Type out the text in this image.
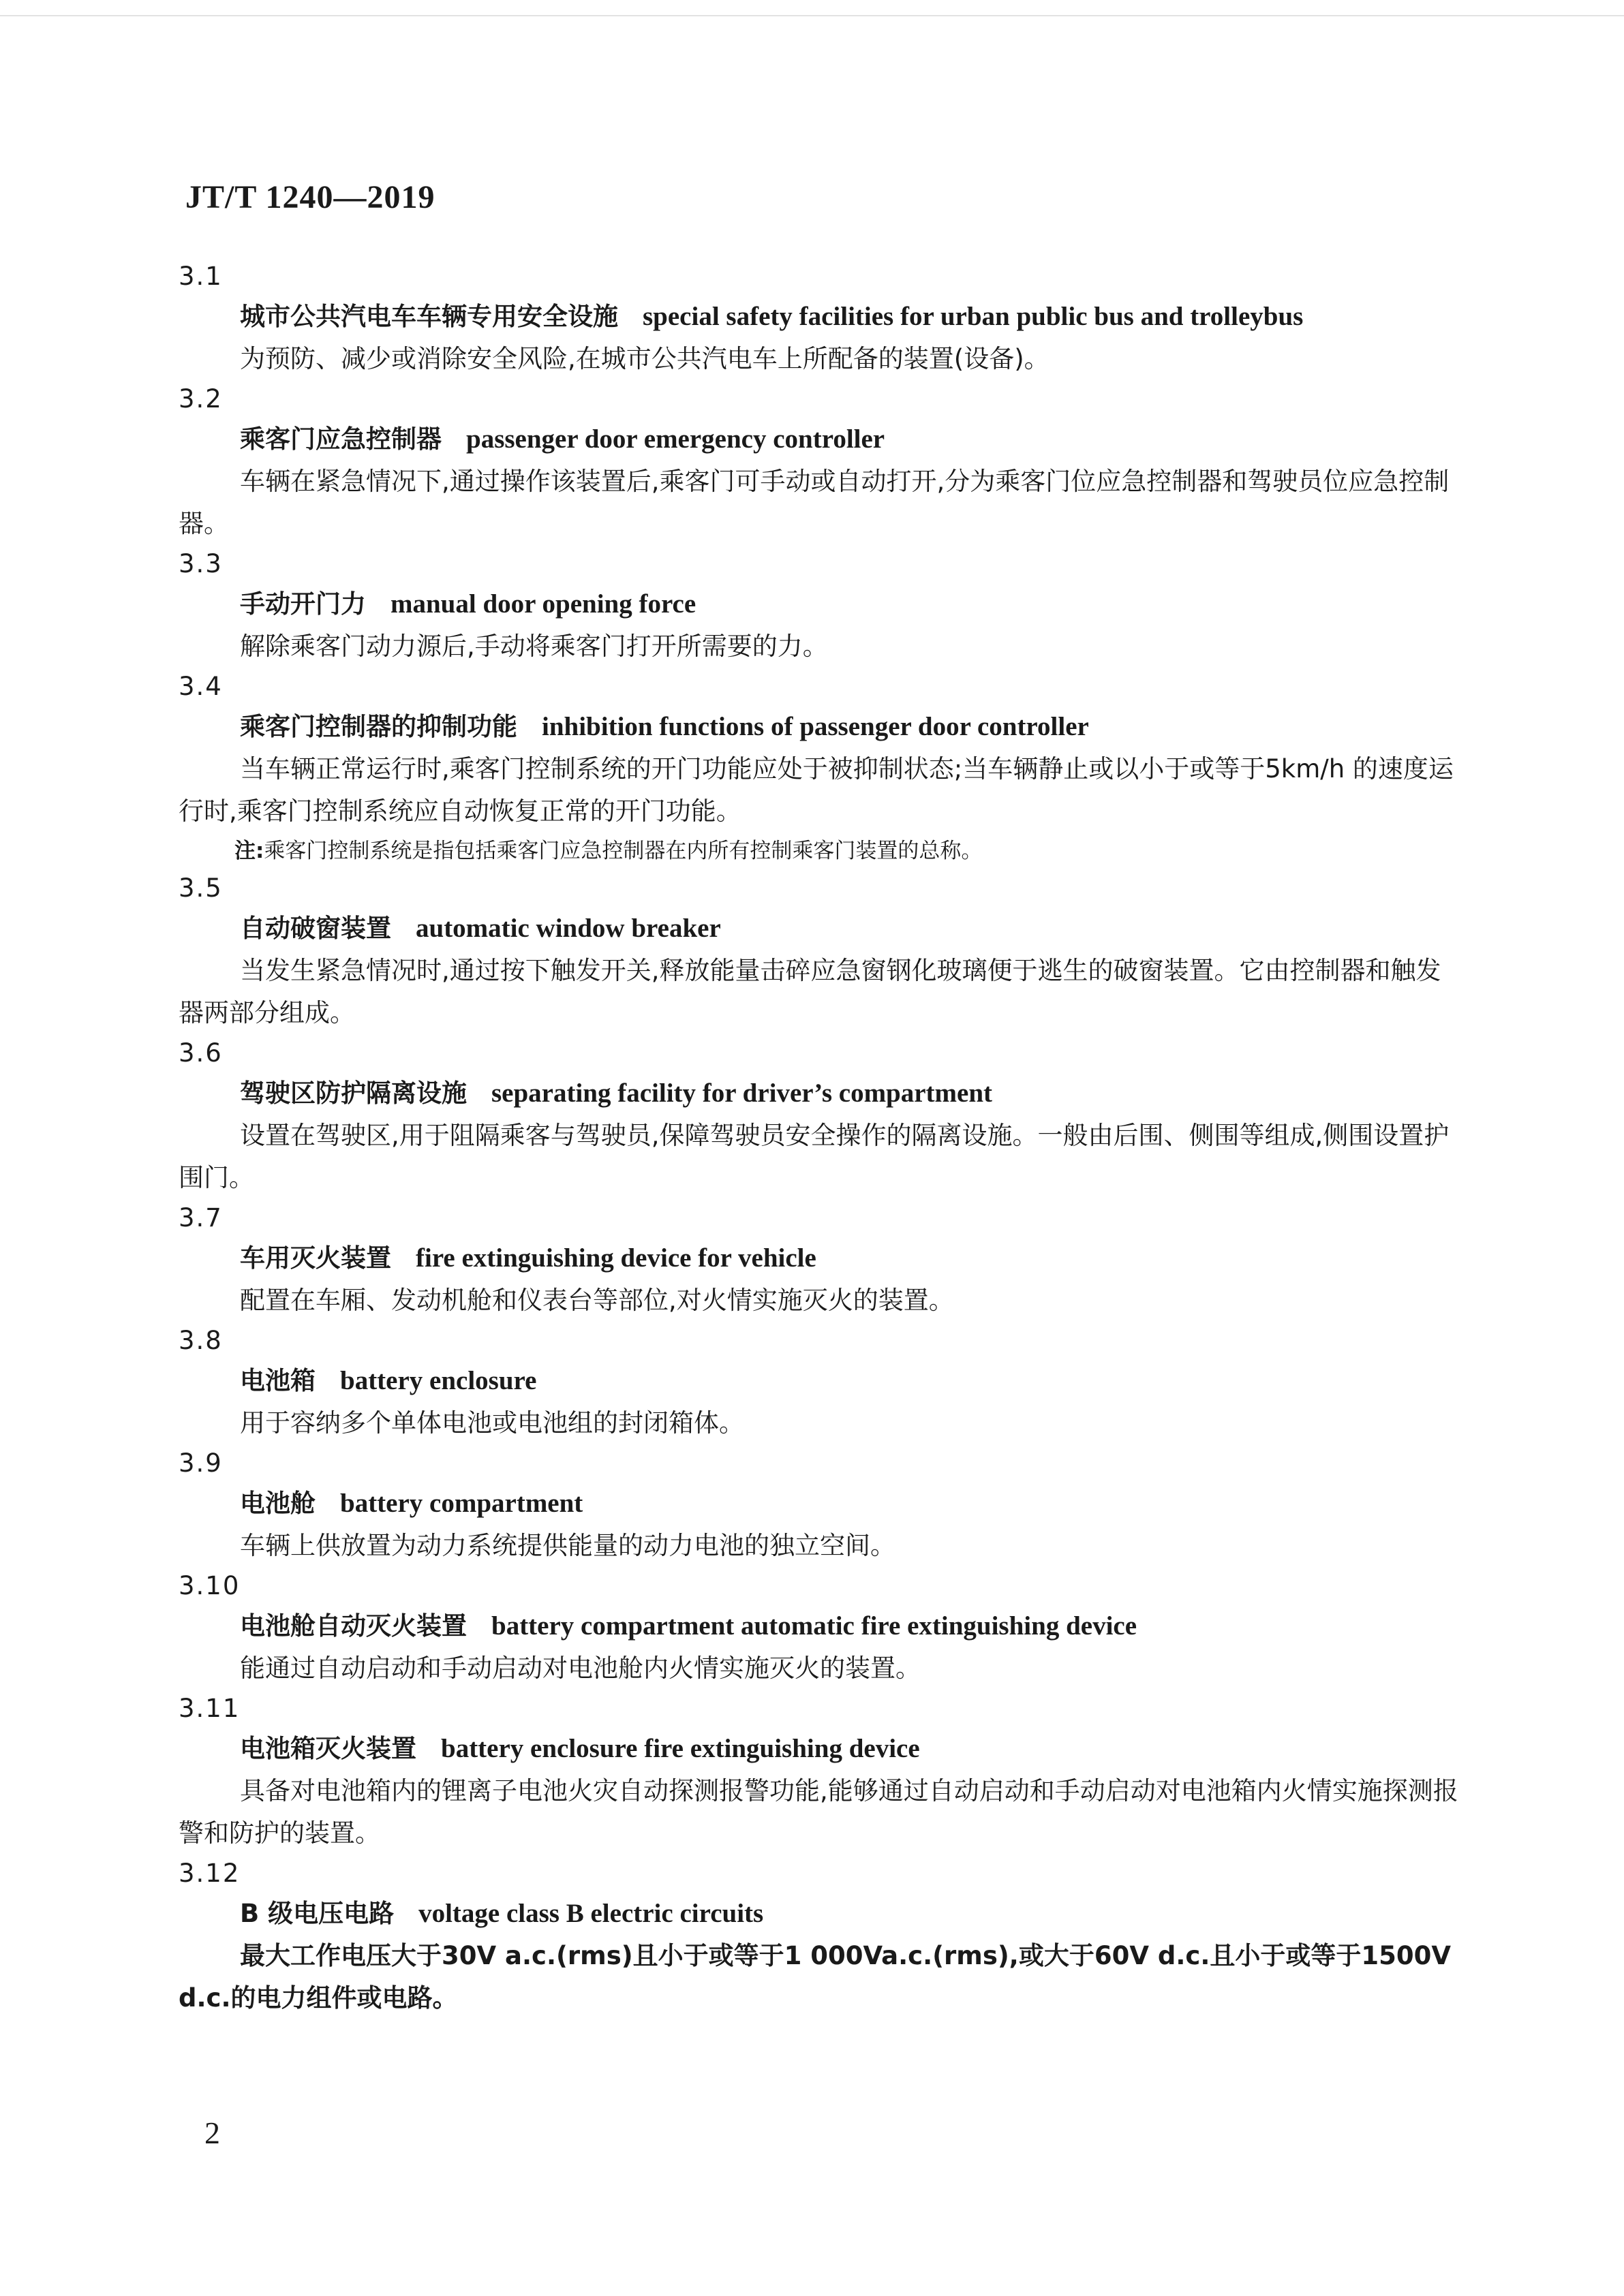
JT/T 1240—2019
3.1
城市公共汽电车车辆专用安全设施 special safety facilities for urban public bus and trolleybus
为预防、减少或消除安全风险,在城市公共汽电车上所配备的装置(设备)。
3.2
乘客门应急控制器 passenger door emergency controller
车辆在紧急情况下,通过操作该装置后,乘客门可手动或自动打开,分为乘客门位应急控制器和驾驶员位应急控制器。
3.3
手动开门力 manual door opening force
解除乘客门动力源后,手动将乘客门打开所需要的力。
3.4
乘客门控制器的抑制功能 inhibition functions of passenger door controller
当车辆正常运行时,乘客门控制系统的开门功能应处于被抑制状态;当车辆静止或以小于或等于5km/h 的速度运行时,乘客门控制系统应自动恢复正常的开门功能。
注:乘客门控制系统是指包括乘客门应急控制器在内所有控制乘客门装置的总称。
3.5
自动破窗装置 automatic window breaker
当发生紧急情况时,通过按下触发开关,释放能量击碎应急窗钢化玻璃便于逃生的破窗装置。它由控制器和触发器两部分组成。
3.6
驾驶区防护隔离设施 separating facility for driver’s compartment
设置在驾驶区,用于阻隔乘客与驾驶员,保障驾驶员安全操作的隔离设施。一般由后围、侧围等组成,侧围设置护围门。
3.7
车用灭火装置 fire extinguishing device for vehicle
配置在车厢、发动机舱和仪表台等部位,对火情实施灭火的装置。
3.8
电池箱 battery enclosure
用于容纳多个单体电池或电池组的封闭箱体。
3.9
电池舱 battery compartment
车辆上供放置为动力系统提供能量的动力电池的独立空间。
3.10
电池舱自动灭火装置 battery compartment automatic fire extinguishing device
能通过自动启动和手动启动对电池舱内火情实施灭火的装置。
3.11
电池箱灭火装置 battery enclosure fire extinguishing device
具备对电池箱内的锂离子电池火灾自动探测报警功能,能够通过自动启动和手动启动对电池箱内火情实施探测报警和防护的装置。
3.12
B 级电压电路 voltage class B electric circuits
最大工作电压大于30V a.c.(rms)且小于或等于1 000Va.c.(rms),或大于60V d.c.且小于或等于1500V d.c.的电力组件或电路。
2
